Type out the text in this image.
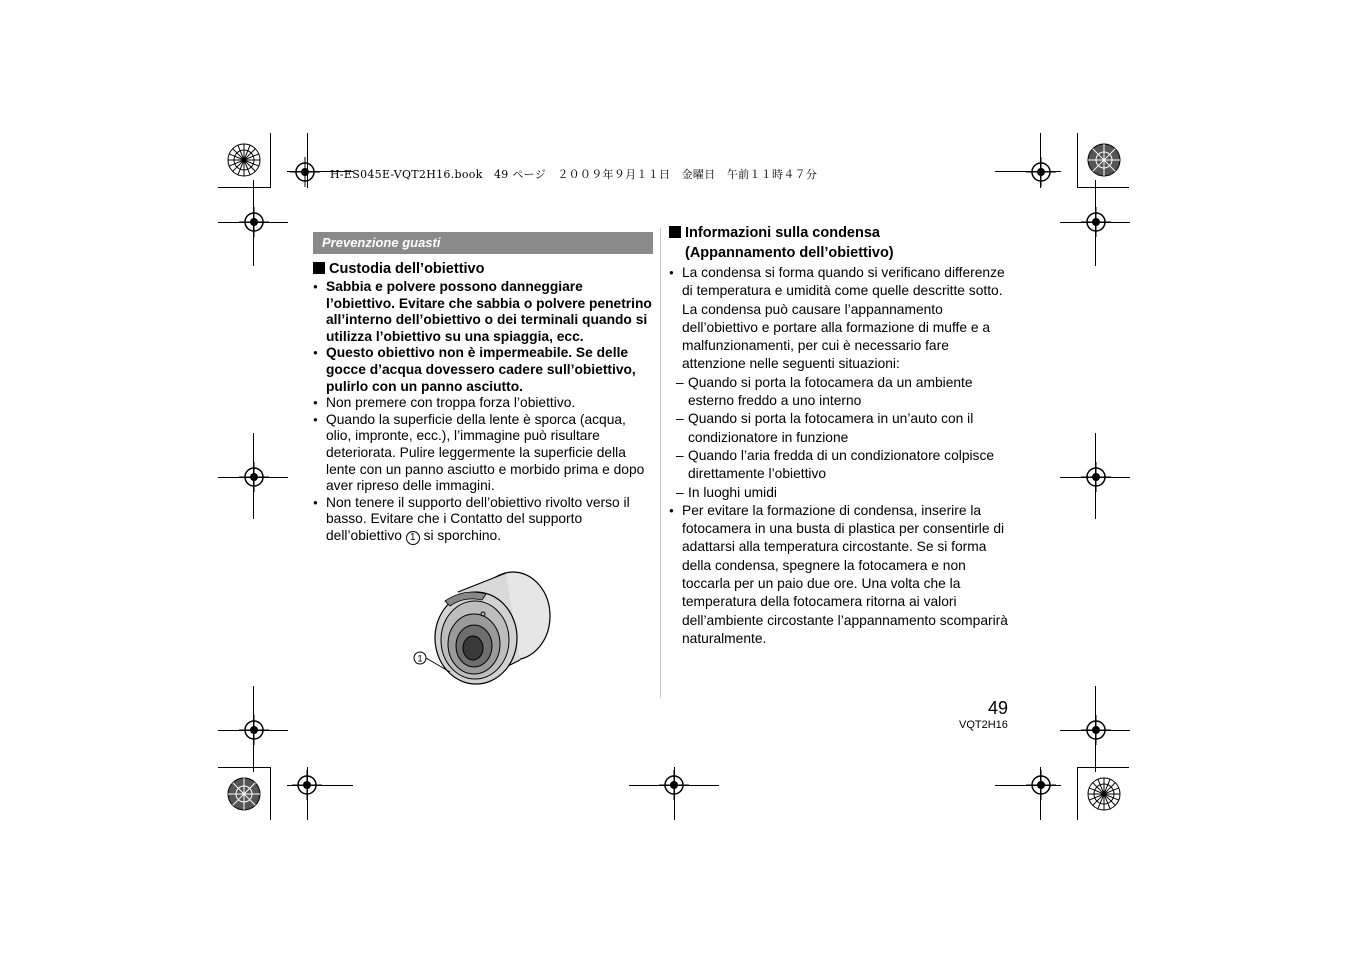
H-ES045E-VQT2H16.book　49 ページ　２００９年９月１１日　金曜日　午前１１時４７分
Prevenzione guasti
Custodia dell’obiettivo
● Sabbia e polvere possono danneggiare l’obiettivo. Evitare che sabbia o polvere penetrino all’interno dell’obiettivo o dei terminali quando si utilizza l’obiettivo su una spiaggia, ecc.
● Questo obiettivo non è impermeabile. Se delle gocce d’acqua dovessero cadere sull’obiettivo, pulirlo con un panno asciutto.
● Non premere con troppa forza l’obiettivo.
● Quando la superficie della lente è sporca (acqua, olio, impronte, ecc.), l’immagine può risultare deteriorata. Pulire leggermente la superficie della lente con un panno asciutto e morbido prima e dopo aver ripreso delle immagini.
● Non tenere il supporto dell’obiettivo rivolto verso il basso. Evitare che i Contatto del supporto dell’obiettivo 1 si sporchino.
1
Informazioni sulla condensa
(Appannamento dell’obiettivo)
● La condensa si forma quando si verificano differenze di temperatura e umidità come quelle descritte sotto. La condensa può causare l’appannamento dell’obiettivo e portare alla formazione di muffe e a malfunzionamenti, per cui è necessario fare attenzione nelle seguenti situazioni:
– Quando si porta la fotocamera da un ambiente esterno freddo a uno interno
– Quando si porta la fotocamera in un’auto con il condizionatore in funzione
– Quando l’aria fredda di un condizionatore colpisce direttamente l’obiettivo
– In luoghi umidi
● Per evitare la formazione di condensa, inserire la fotocamera in una busta di plastica per consentirle di adattarsi alla temperatura circostante. Se si forma della condensa, spegnere la fotocamera e non toccarla per un paio due ore. Una volta che la temperatura della fotocamera ritorna ai valori dell’ambiente circostante l’appannamento scomparirà naturalmente.
49
VQT2H16
